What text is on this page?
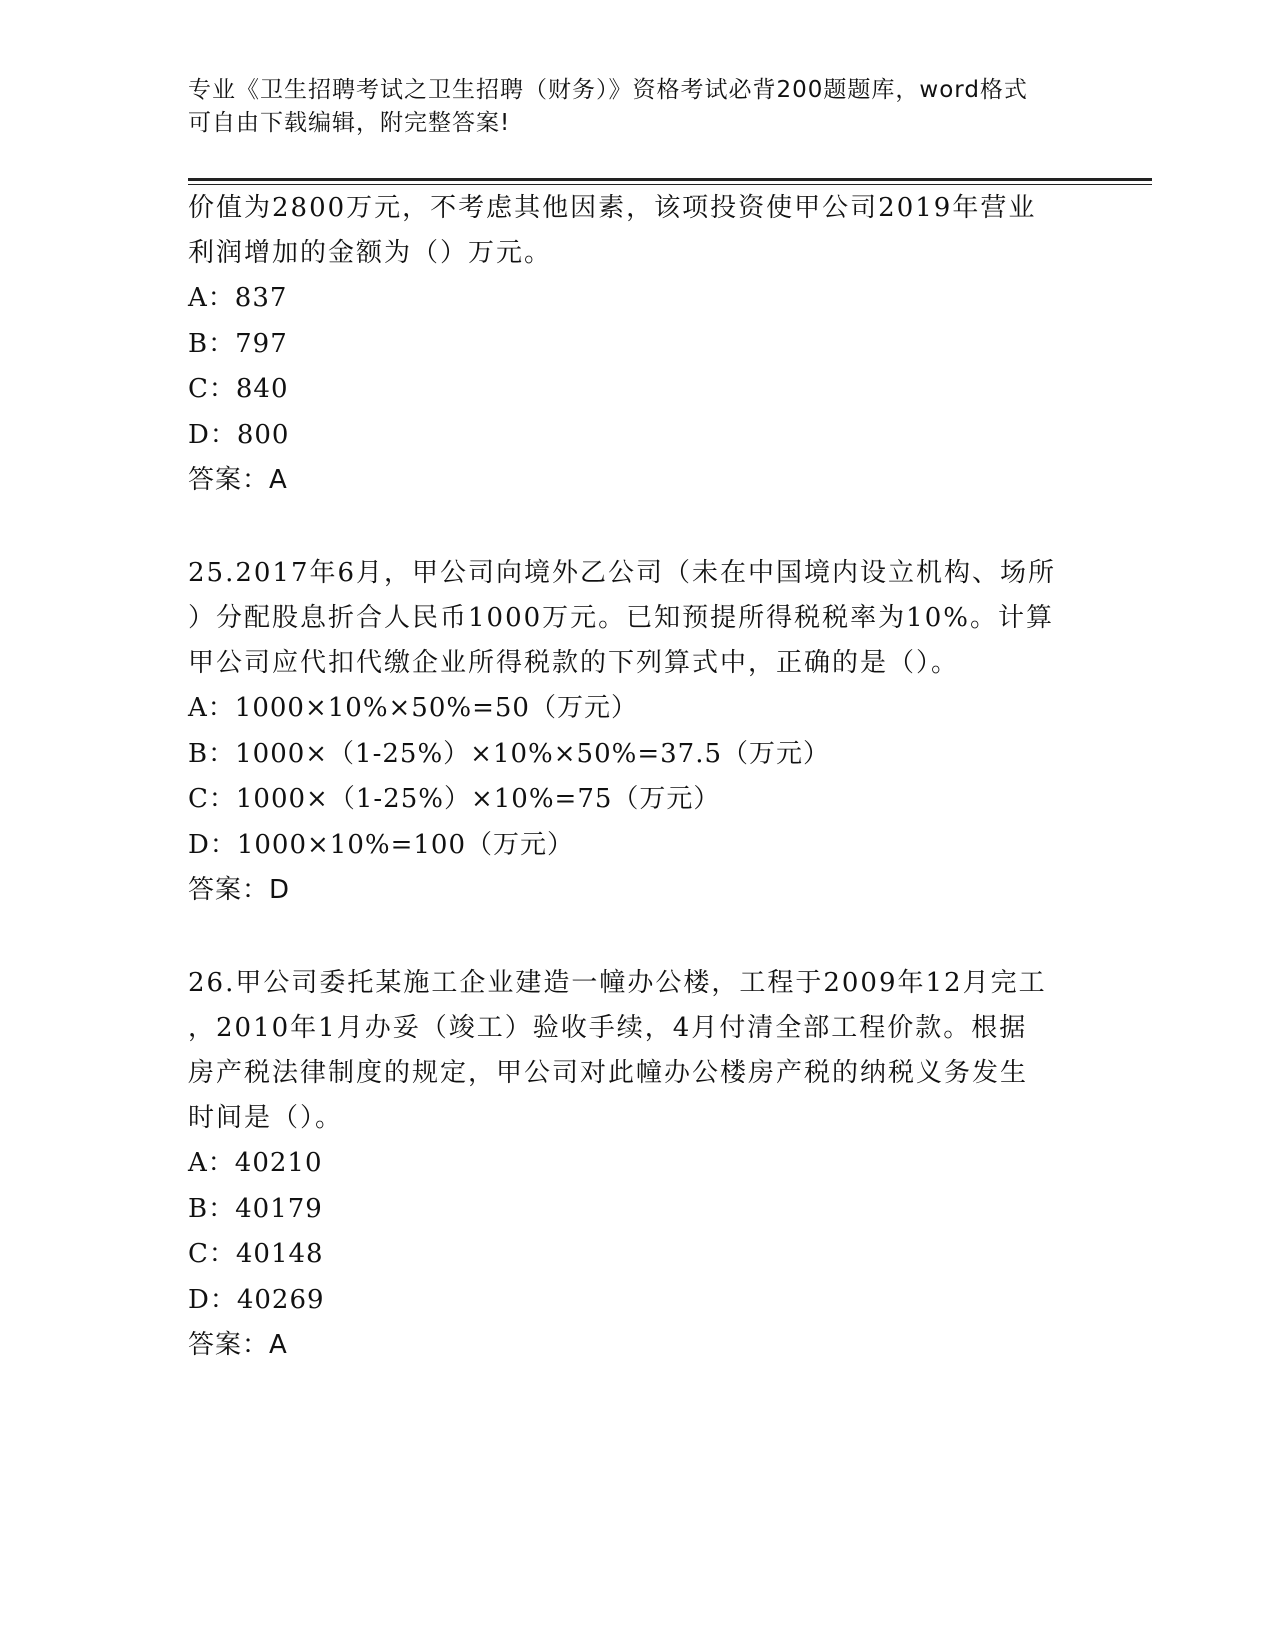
专业《卫生招聘考试之卫生招聘（财务）》资格考试必背200题题库，word格式
可自由下载编辑，附完整答案!
价值为2800万元，不考虑其他因素，该项投资使甲公司2019年营业
利润增加的金额为（）万元。
A：837
B：797
C：840
D：800
答案：A
25.2017年6月，甲公司向境外乙公司（未在中国境内设立机构、场所
）分配股息折合人民币1000万元。已知预提所得税税率为10%。计算
甲公司应代扣代缴企业所得税款的下列算式中，正确的是（）。
A：1000×10%×50%=50（万元）
B：1000×（1-25%）×10%×50%=37.5（万元）
C：1000×（1-25%）×10%=75（万元）
D：1000×10%=100（万元）
答案：D
26.甲公司委托某施工企业建造一幢办公楼，工程于2009年12月完工
，2010年1月办妥（竣工）验收手续，4月付清全部工程价款。根据
房产税法律制度的规定，甲公司对此幢办公楼房产税的纳税义务发生
时间是（）。
A：40210
B：40179
C：40148
D：40269
答案：A
